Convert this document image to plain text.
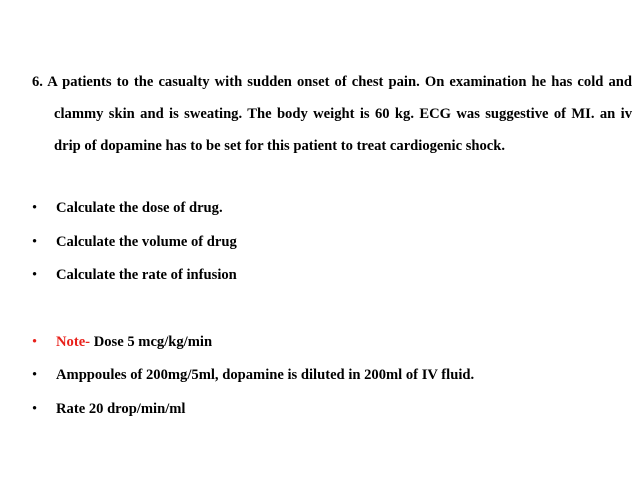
6. A patients to the casualty with sudden onset of chest pain. On examination he has cold and clammy skin and is sweating. The body weight is 60 kg. ECG was suggestive of MI. an iv drip of dopamine has to be set for this patient to treat cardiogenic shock.
• Calculate the dose of drug.
• Calculate the volume of drug
• Calculate the rate of infusion
• Note- Dose 5 mcg/kg/min
• Amppoules of 200mg/5ml, dopamine is diluted in 200ml of IV fluid.
• Rate 20 drop/min/ml
